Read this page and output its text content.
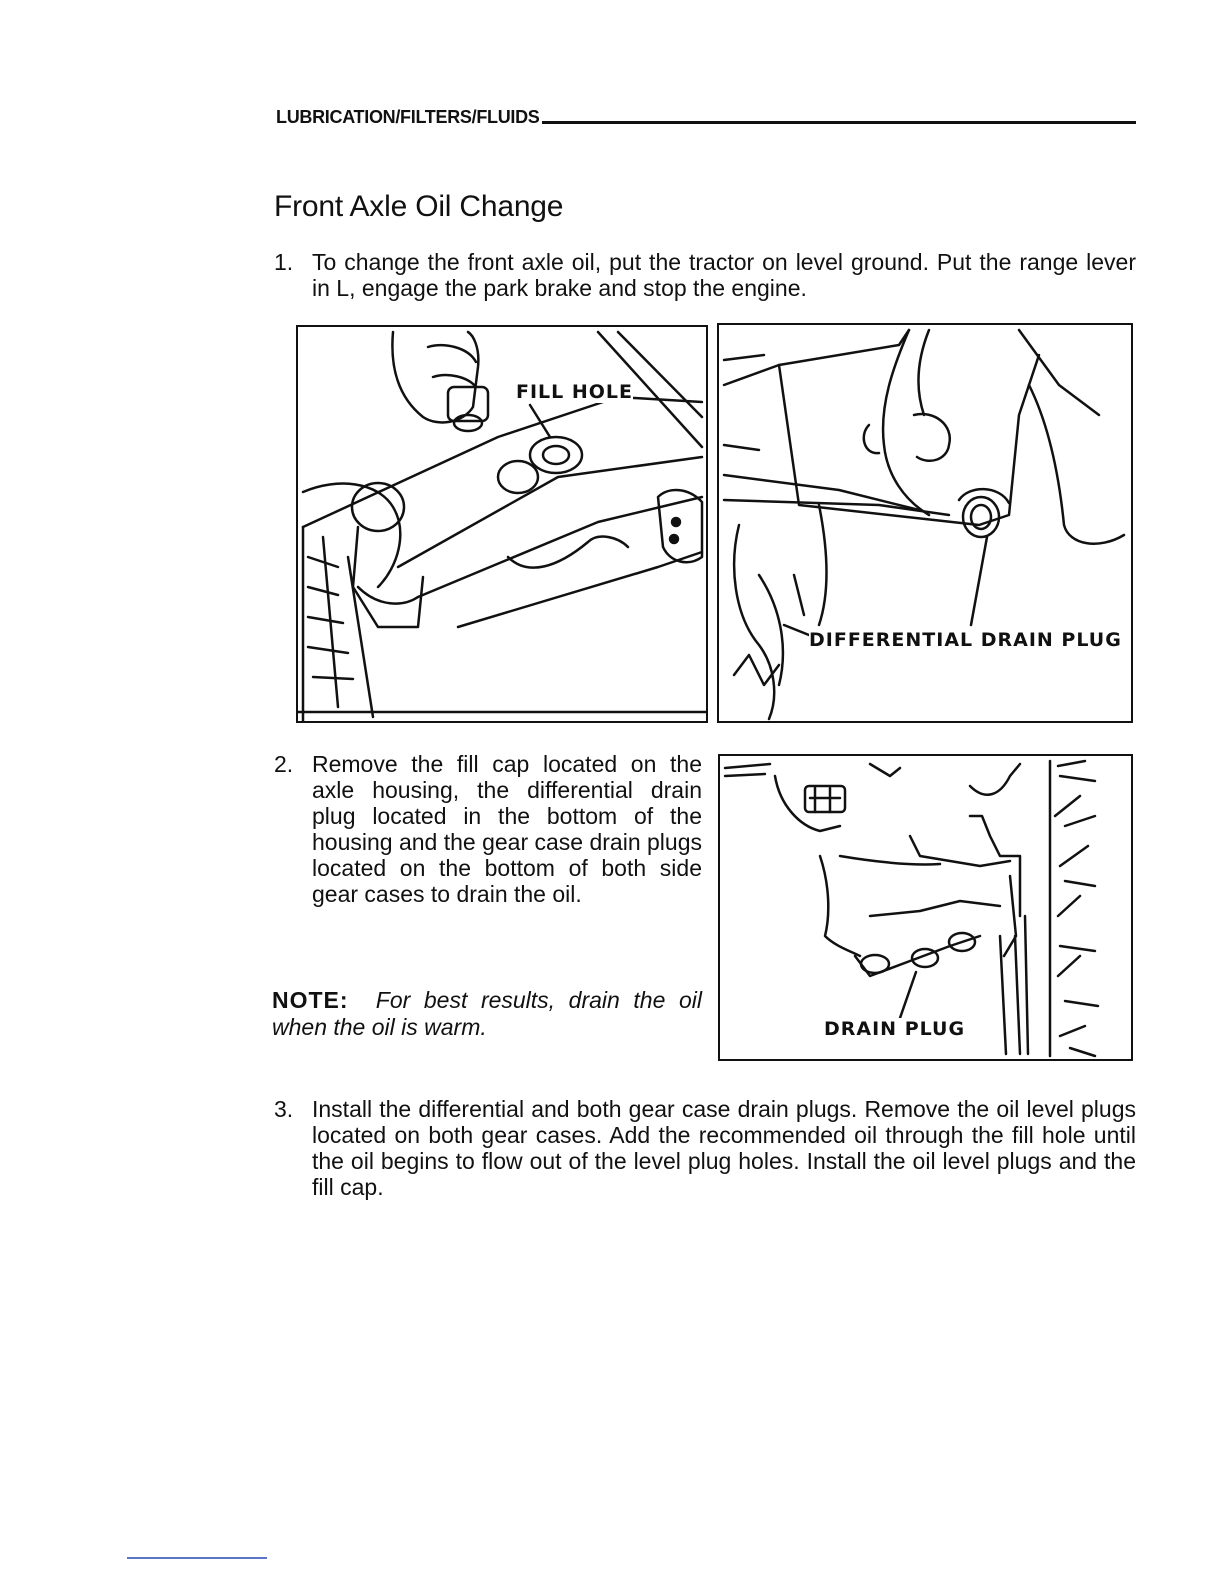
LUBRICATION/FILTERS/FLUIDS
Front Axle Oil Change
1. To change the front axle oil, put the tractor on level ground. Put the range lever in L, engage the park brake and stop the engine.
FILL HOLE
DIFFERENTIAL DRAIN PLUG
2. Remove the fill cap located on the axle housing, the differential drain plug located in the bottom of the housing and the gear case drain plugs located on the bottom of both side gear cases to drain the oil.
NOTE: For best results, drain the oil when the oil is warm.	DRAIN PLUG
3. Install the differential and both gear case drain plugs. Remove the oil level plugs located on both gear cases. Add the recommended oil through the fill hole until the oil begins to flow out of the level plug holes. Install the oil level plugs and the fill cap.
